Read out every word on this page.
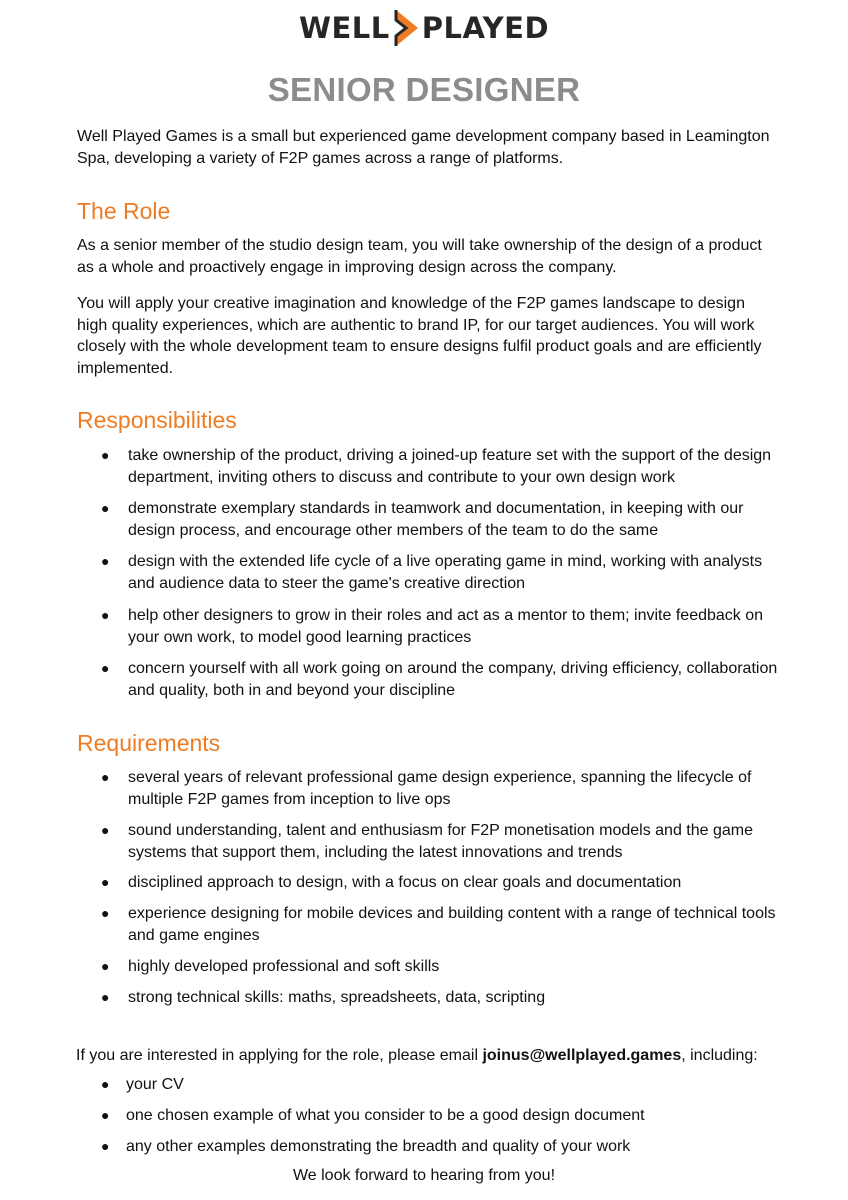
WELL PLAYED
SENIOR DESIGNER
Well Played Games is a small but experienced game development company based in Leamington Spa, developing a variety of F2P games across a range of platforms.
The Role
As a senior member of the studio design team, you will take ownership of the design of a product as a whole and proactively engage in improving design across the company.
You will apply your creative imagination and knowledge of the F2P games landscape to design high quality experiences, which are authentic to brand IP, for our target audiences. You will work closely with the whole development team to ensure designs fulfil product goals and are efficiently implemented.
Responsibilities
● take ownership of the product, driving a joined-up feature set with the support of the design department, inviting others to discuss and contribute to your own design work
● demonstrate exemplary standards in teamwork and documentation, in keeping with our design process, and encourage other members of the team to do the same
● design with the extended life cycle of a live operating game in mind, working with analysts and audience data to steer the game's creative direction
● help other designers to grow in their roles and act as a mentor to them; invite feedback on your own work, to model good learning practices
● concern yourself with all work going on around the company, driving efficiency, collaboration and quality, both in and beyond your discipline
Requirements
● several years of relevant professional game design experience, spanning the lifecycle of multiple F2P games from inception to live ops
● sound understanding, talent and enthusiasm for F2P monetisation models and the game systems that support them, including the latest innovations and trends
● disciplined approach to design, with a focus on clear goals and documentation
● experience designing for mobile devices and building content with a range of technical tools and game engines
● highly developed professional and soft skills
● strong technical skills: maths, spreadsheets, data, scripting
If you are interested in applying for the role, please email joinus@wellplayed.games, including:
● your CV
● one chosen example of what you consider to be a good design document
● any other examples demonstrating the breadth and quality of your work
We look forward to hearing from you!
